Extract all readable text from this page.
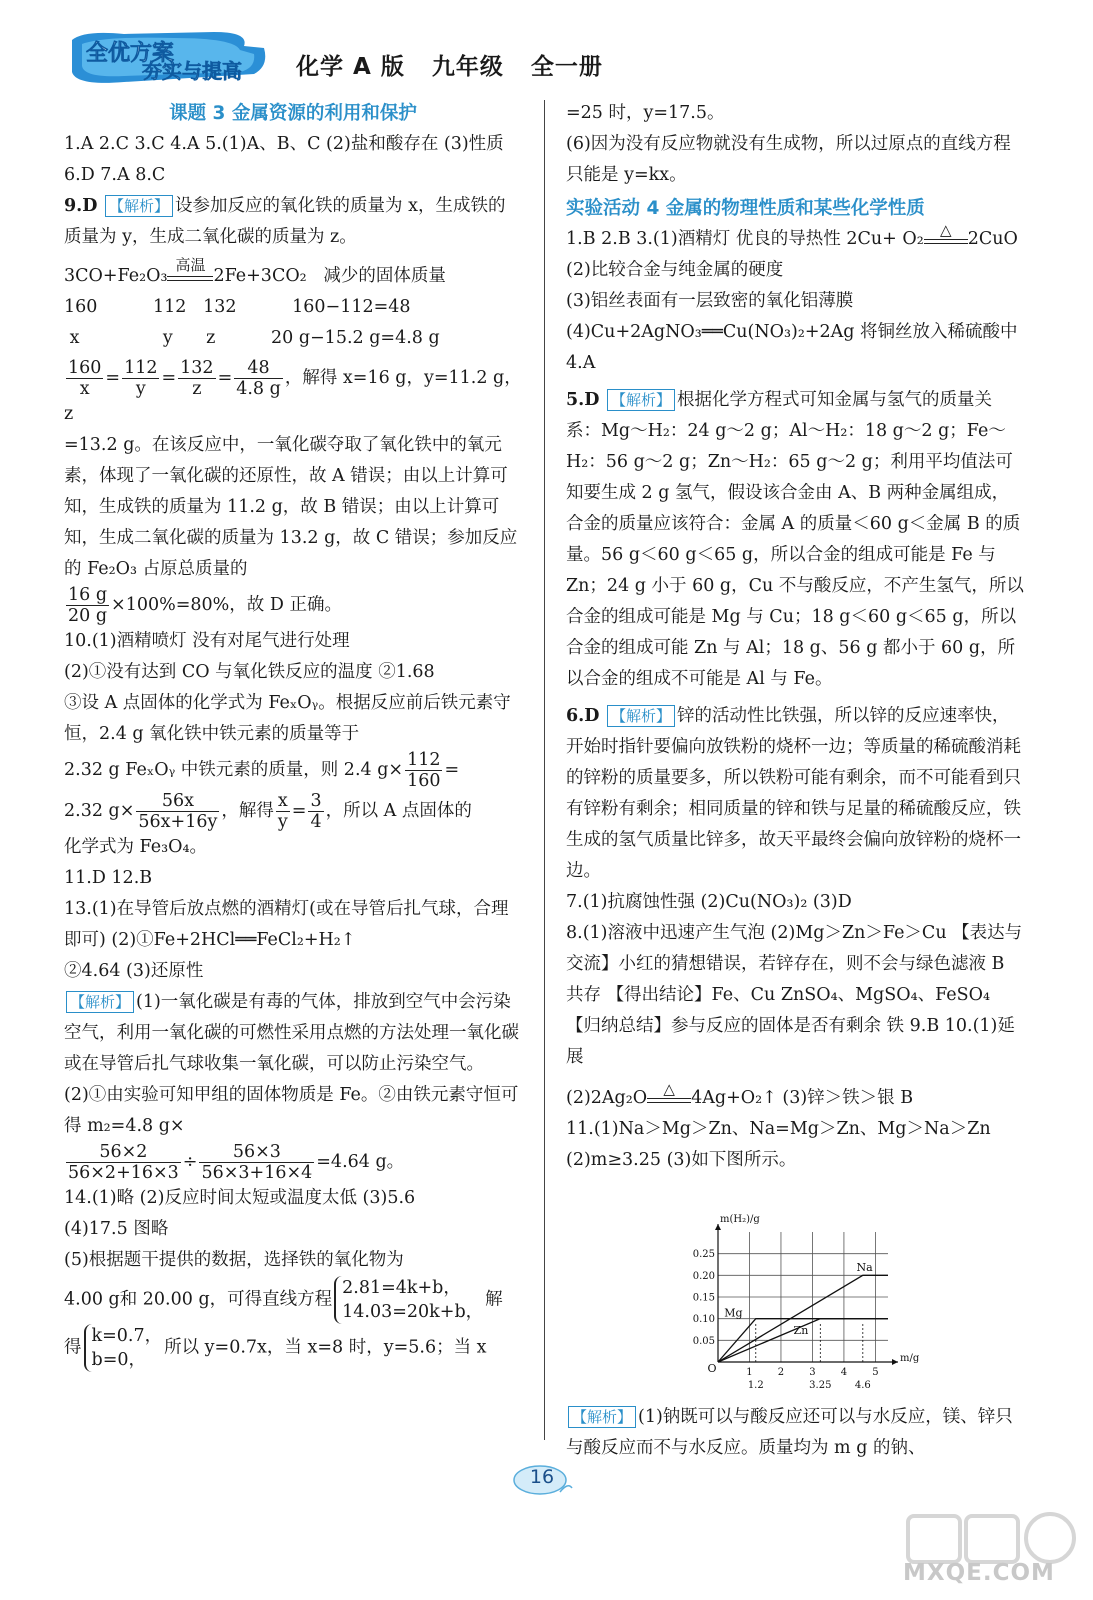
全优方案
夯实与提高 化学 A 版   九年级   全一册

课题 3 金属资源的利用和保护

1.A 2.C 3.C 4.A 5.(1)A、B、C (2)盐和酸存在 (3)性质 6.D 7.A 8.C

9.D 【解析】 设参加反应的氧化铁的质量为 x，生成铁的质量为 y，生成二氧化碳的质量为 z。

3CO+Fe₂O₃
高温
2Fe+3CO₂ 减少的固体质量

160          112   132          160−112=48

x               y      z          20 g−15.2 g=4.8 g

$\frac{160}{x} = \frac{112}{y} = \frac{132}{z} = \frac{48}{4.8 g}$ ，解得 x=16 g，y=11.2 g，z

=13.2 g。在该反应中，一氧化碳夺取了氧化铁中的氧元素，体现了一氧化碳的还原性，故 A 错误；由以上计算可知，生成铁的质量为 11.2 g，故 B 错误；由以上计算可知，生成二氧化碳的质量为 13.2 g，故 C 错误；参加反应的 Fe₂O₃ 占原总质量的

$\frac{16 g}{20 g} \times 100\%=80\%$，故 D 正确。

10.(1)酒精喷灯 没有对尾气进行处理

(2)①没有达到 CO 与氧化铁反应的温度 ②1.68

③设 A 点固体的化学式为 FeₓOᵧ。根据反应前后铁元素守恒，2.4 g 氧化铁中铁元素的质量等于

2.32 g FeₓOᵧ 中铁元素的质量，则 2.4 $g\times \frac{112}{160}$ =

2.32 $g\times \frac{56x}{56x+16y}$ ，解得 $\frac{x}{y} = \frac{3}{4}$ ，所以 A 点固体的

化学式为 Fe₃O₄。

11.D 12.B

13.(1)在导管后放点燃的酒精灯(或在导管后扎气球，合理即可) (2)①Fe+2HCl══FeCl₂+H₂↑

②4.64 (3)还原性

【解析】 (1)一氧化碳是有毒的气体，排放到空气中会污染空气，利用一氧化碳的可燃性采用点燃的方法处理一氧化碳或在导管后扎气球收集一氧化碳，可以防止污染空气。(2)①由实验可知甲组的固体物质是 Fe。②由铁元素守恒可得 m₂=4.8 g×

$\frac{56\times 2}{56\times 2+16\times 3} \div \frac{56\times 3}{56\times 3+16\times 4} =4.64$ g。

14.(1)略 (2)反应时间太短或温度太低 (3)5.6

(4)17.5 图略

(5)根据题干提供的数据，选择铁的氧化物为

4.00 g和 20.00 g，可得直线方程
2.81=4k+b，
14.03=20k+b，
解

得
k=0.7，
b=0，
所以 y=0.7x，当 x=8 时，y=5.6；当 x

=25 时，y=17.5。

(6)因为没有反应物就没有生成物，所以过原点的直线方程只能是 y=kx。

实验活动 4 金属的物理性质和某些化学性质

1.B 2.B 3.(1)酒精灯 优良的导热性 2Cu+ O₂	△ 2CuO (2)比较合金与纯金属的硬度

(3)铝丝表面有一层致密的氧化铝薄膜 (4)Cu+2AgNO₃══Cu(NO₃)₂+2Ag 将铜丝放入稀硫酸中 4.A

5.D 【解析】 根据化学方程式可知金属与氢气的质量关系：Mg～H₂：24 g～2 g；Al～H₂：18 g～2 g；Fe～H₂：56 g～2 g；Zn～H₂：65 g～2 g；利用平均值法可知要生成 2 g 氢气，假设该合金由 A、B 两种金属组成，合金的质量应该符合：金属 A 的质量＜60 g＜金属 B 的质量。56 g＜60 g＜65 g，所以合金的组成可能是 Fe 与 Zn；24 g 小于 60 g，Cu 不与酸反应，不产生氢气，所以合金的组成可能是 Mg 与 Cu；18 g＜60 g＜65 g，所以合金的组成可能 Zn 与 Al；18 g、56 g 都小于 60 g，所以合金的组成不可能是 Al 与 Fe。

6.D 【解析】 锌的活动性比铁强，所以锌的反应速率快，开始时指针要偏向放铁粉的烧杯一边；等质量的稀硫酸消耗的锌粉的质量要多，所以铁粉可能有剩余，而不可能看到只有锌粉有剩余；相同质量的锌和铁与足量的稀硫酸反应，铁生成的氢气质量比锌多，故天平最终会偏向放锌粉的烧杯一边。

7.(1)抗腐蚀性强 (2)Cu(NO₃)₂ (3)D

8.(1)溶液中迅速产生气泡 (2)Mg＞Zn＞Fe＞Cu 【表达与交流】小红的猜想错误，若锌存在，则不会与绿色滤液 B 共存 【得出结论】Fe、Cu ZnSO₄、MgSO₄、FeSO₄ 【归纳总结】参与反应的固体是否有剩余 铁 9.B 10.(1)延展

(2)2Ag₂O	△ 4Ag+O₂↑ (3)锌＞铁＞银 B

11.(1)Na＞Mg＞Zn、Na=Mg＞Zn、Mg＞Na＞Zn

(2)m≥3.25 (3)如下图所示。

0.05
0.10
0.15
0.20
0.25
1	2	3	4	5
1.2	3.25 4.6
m(H₂)/g
m/g
O
Na
Mg
Zn

【解析】 (1)钠既可以与酸反应还可以与水反应，镁、锌只与酸反应而不与水反应。质量均为 m g 的钠、

16
MXQE.COM
